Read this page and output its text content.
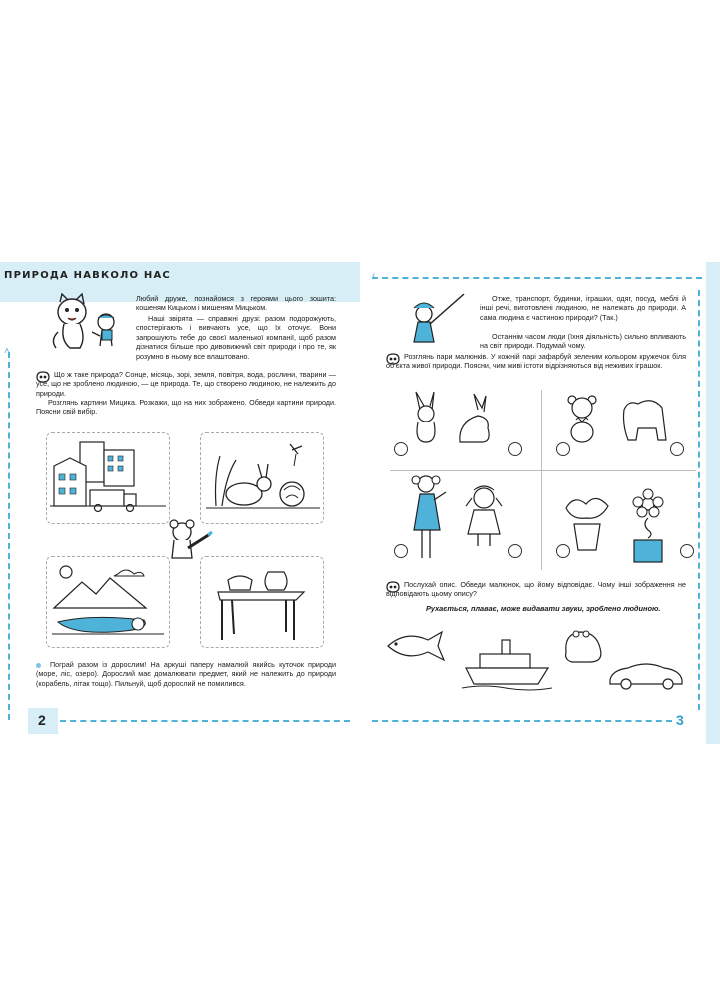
ПРИРОДА НАВКОЛО НАС	‹
˄
2	3
Любий друже, познайомся з героями цього зошита: кошеням Кицьком і мишеням Мицьком.
Наші звірята — справжні друзі: разом подорожують, спостерігають і вивчають усе, що їх оточує. Вони запрошують тебе до своєї маленької компанії, щоб разом дізнатися більше про дивовижний світ природи і про те, як розумно в ньому все влаштовано.
Що ж таке природа? Сонце, місяць, зорі, земля, повітря, вода, рослини, тварини — усе, що не зроблено людиною, — це природа. Те, що створено людиною, не належить до природи.
Розглянь картини Мицика. Розкажи, що на них зображено. Обведи картини природи. Поясни свій вибір.
Пограй разом із дорослим! На аркуші паперу намалюй якийсь куточок природи (море, ліс, озеро). Дорослий має домалювати предмет, який не належить до природи (корабель, літак тощо). Пильнуй, щоб дорослий не помилився.
Отже, транспорт, будинки, іграшки, одяг, посуд, меблі й інші речі, виготовлені людиною, не належать до природи. А сама людина є частиною природи? (Так.)
Останнім часом люди (їхня діяльність) сильно впливають на світ природи. Подумай чому.
Розглянь пари малюнків. У кожній парі зафарбуй зеленим кольором кружечок біля об’єкта живої природи. Поясни, чим живі істоти відрізняються від неживих іграшок.
Послухай опис. Обведи малюнок, що йому відповідає. Чому інші зображення не відповідають цьому опису?
Рухається, плаває, може видавати звуки, зроблено людиною.
